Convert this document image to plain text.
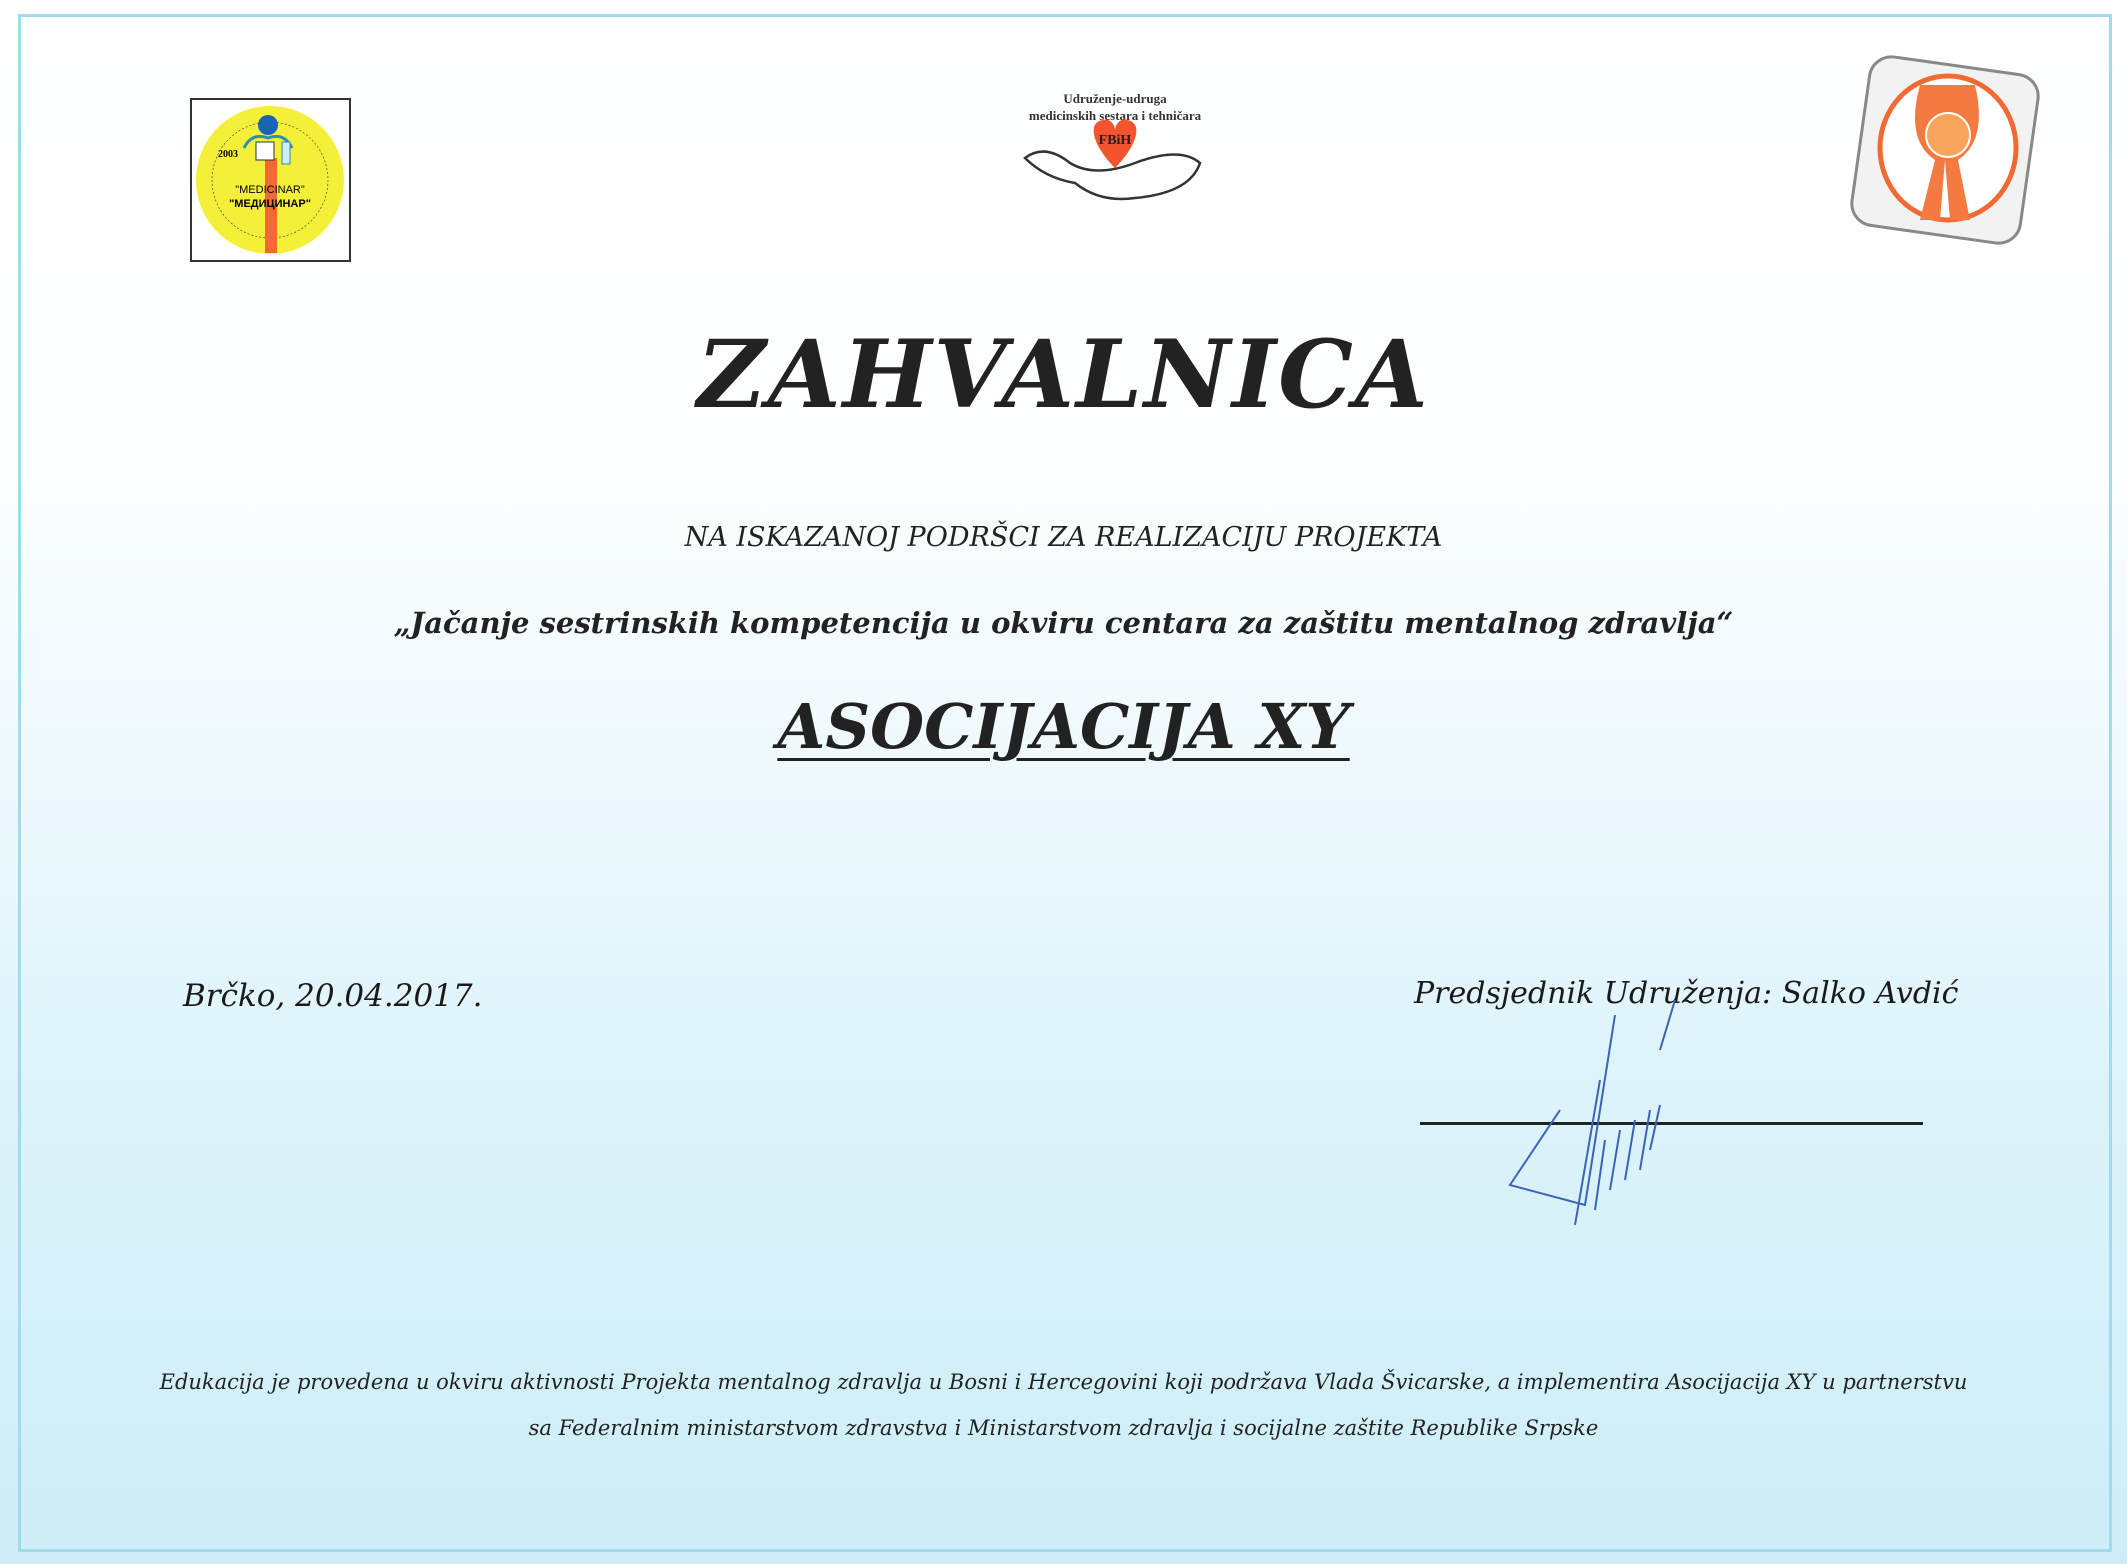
2003
"MEDICINAR"
"МЕДИЦИНАР"
Udruženje-udruga
medicinskih sestara i tehničara
FBiH
ZAHVALNICA
NA ISKAZANOJ PODRŠCI ZA REALIZACIJU PROJEKTA
„Jačanje sestrinskih kompetencija u okviru centara za zaštitu mentalnog zdravlja“
ASOCIJACIJA XY
Brčko, 20.04.2017.	Predsjednik Udruženja: Salko Avdić
Edukacija je provedena u okviru aktivnosti Projekta mentalnog zdravlja u Bosni i Hercegovini koji podržava Vlada Švicarske, a implementira Asocijacija XY u partnerstvu
sa Federalnim ministarstvom zdravstva i Ministarstvom zdravlja i socijalne zaštite Republike Srpske
